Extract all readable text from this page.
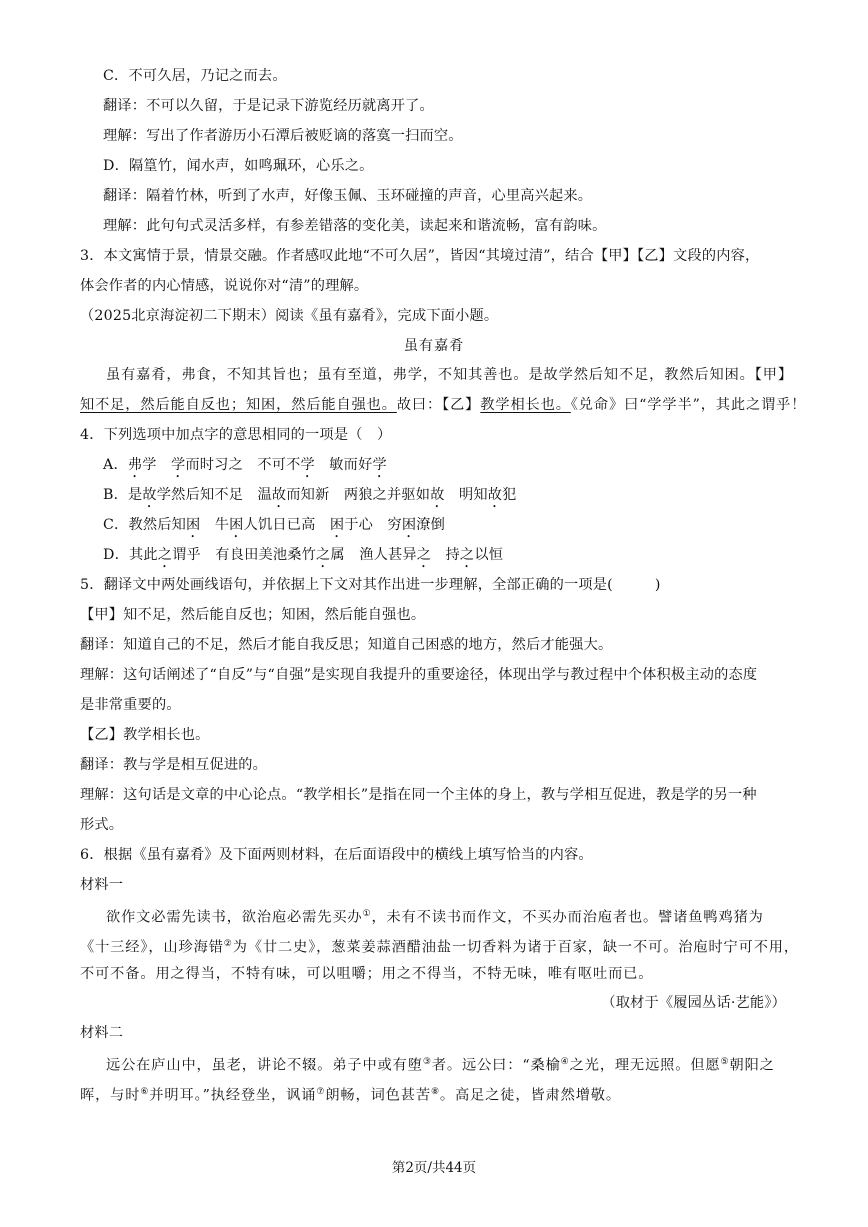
C．不可久居，乃记之而去。
翻译：不可以久留，于是记录下游览经历就离开了。
理解：写出了作者游历小石潭后被贬谪的落寞一扫而空。
D．隔篁竹，闻水声，如鸣珮环，心乐之。
翻译：隔着竹林，听到了水声，好像玉佩、玉环碰撞的声音，心里高兴起来。
理解：此句句式灵活多样，有参差错落的变化美，读起来和谐流畅，富有韵味。
3．本文寓情于景，情景交融。作者感叹此地“不可久居”，皆因“其境过清”，结合【甲】【乙】文段的内容，
体会作者的内心情感，说说你对“清”的理解。
（2025北京海淀初二下期末）阅读《虽有嘉肴》，完成下面小题。
虽有嘉肴
虽有嘉肴，弗食，不知其旨也；虽有至道，弗学，不知其善也。是故学然后知不足，教然后知困。【甲】
知不足，然后能自反也；知困，然后能自强也。故曰：【乙】教学相长也。《兑命》曰“学学半”，其此之谓乎！
4．下列选项中加点字的意思相同的一项是（　）
A．弗学　学而时习之　不可不学　敏而好学
B．是故学然后知不足　温故而知新　两狼之并驱如故　明知故犯
C．教然后知困　牛困人饥日已高　困于心　穷困潦倒
D．其此之谓乎　有良田美池桑竹之属　渔人甚异之　持之以恒
5．翻译文中两处画线语句，并依据上下文对其作出进一步理解，全部正确的一项是(	)
【甲】知不足，然后能自反也；知困，然后能自强也。
翻译：知道自己的不足，然后才能自我反思；知道自己困惑的地方，然后才能强大。
理解：这句话阐述了“自反”与“自强”是实现自我提升的重要途径，体现出学与教过程中个体积极主动的态度
是非常重要的。
【乙】教学相长也。
翻译：教与学是相互促进的。
理解：这句话是文章的中心论点。“教学相长”是指在同一个主体的身上，教与学相互促进，教是学的另一种
形式。
6．根据《虽有嘉肴》及下面两则材料，在后面语段中的横线上填写恰当的内容。
材料一
欲作文必需先读书，欲治庖必需先买办①，未有不读书而作文，不买办而治庖者也。譬诸鱼鸭鸡猪为
《十三经》，山珍海错②为《廿二史》，葱菜姜蒜酒醋油盐一切香料为诸于百家，缺一不可。治庖时宁可不用，
不可不备。用之得当，不特有味，可以咀嚼；用之不得当，不特无味，唯有呕吐而已。
（取材于《履园丛话·艺能》）
材料二
远公在庐山中，虽老，讲论不辍。弟子中或有堕③者。远公曰：“桑榆④之光，理无远照。但愿⑤朝阳之
晖，与时⑥并明耳。”执经登坐，讽诵⑦朗畅，词色甚苦⑧。高足之徒，皆肃然增敬。
第2页/共44页
